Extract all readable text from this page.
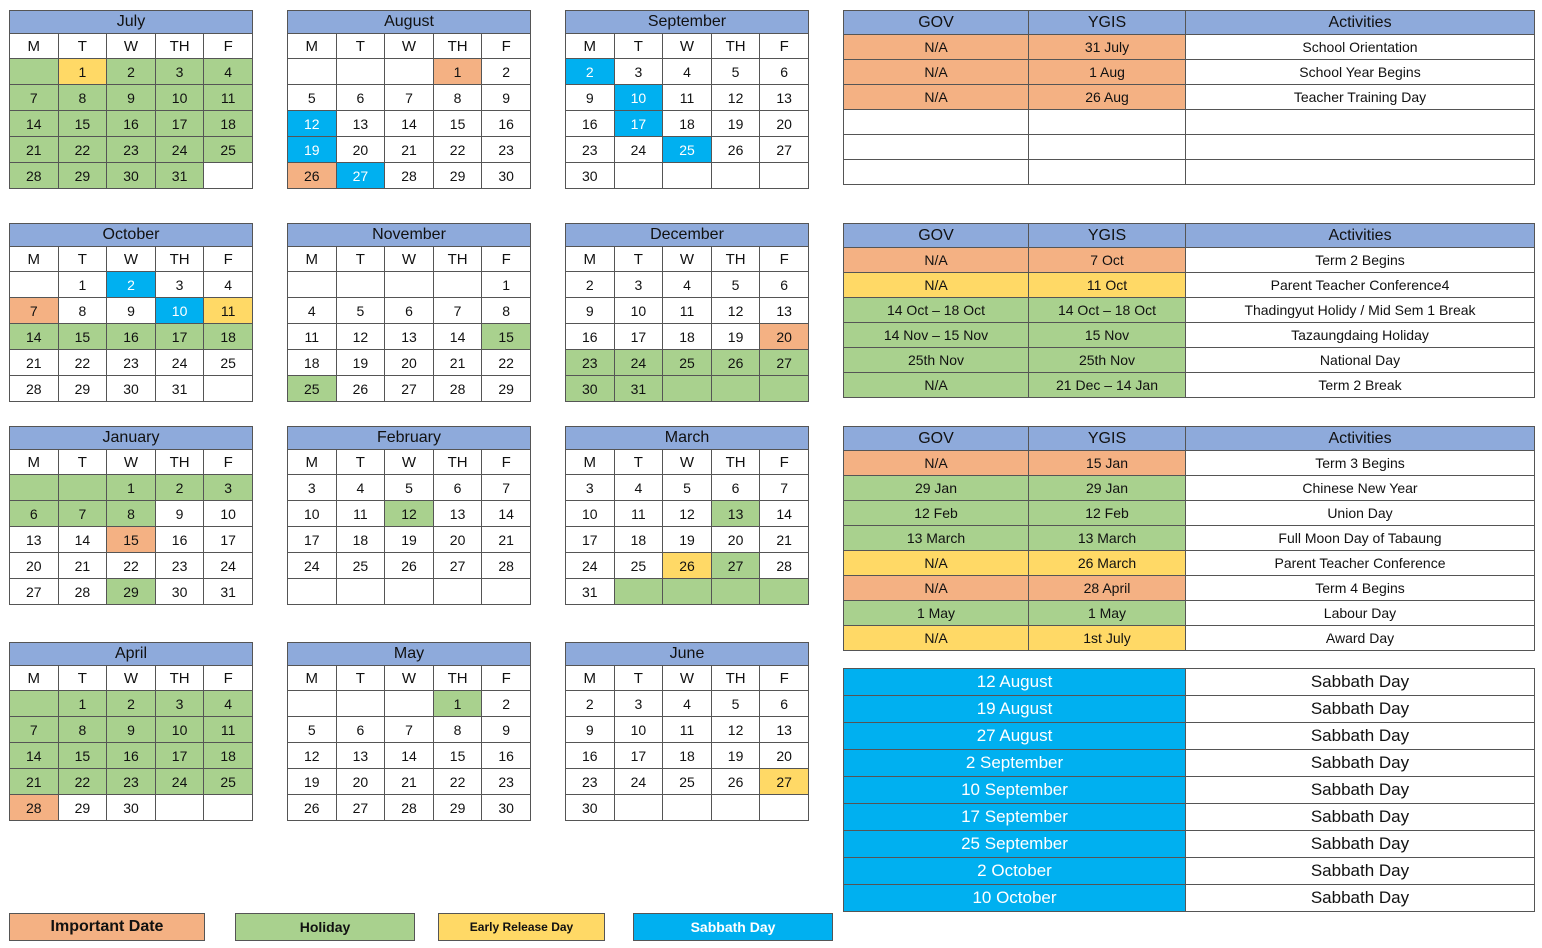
July				
M	T	W	TH	F
	1	2	3	4
7	8	9	10	11
14	15	16	17	18
21	22	23	24	25
28	29	30	31	
August				
M	T	W	TH	F
			1	2
5	6	7	8	9
12	13	14	15	16
19	20	21	22	23
26	27	28	29	30
September				
M	T	W	TH	F
2	3	4	5	6
9	10	11	12	13
16	17	18	19	20
23	24	25	26	27
30				
October				
M	T	W	TH	F
	1	2	3	4
7	8	9	10	11
14	15	16	17	18
21	22	23	24	25
28	29	30	31	
November				
M	T	W	TH	F
				1
4	5	6	7	8
11	12	13	14	15
18	19	20	21	22
25	26	27	28	29
December				
M	T	W	TH	F
2	3	4	5	6
9	10	11	12	13
16	17	18	19	20
23	24	25	26	27
30	31			
January				
M	T	W	TH	F
		1	2	3
6	7	8	9	10
13	14	15	16	17
20	21	22	23	24
27	28	29	30	31
February				
M	T	W	TH	F
3	4	5	6	7
10	11	12	13	14
17	18	19	20	21
24	25	26	27	28

March				
M	T	W	TH	F
3	4	5	6	7
10	11	12	13	14
17	18	19	20	21
24	25	26	27	28
31				
April				
M	T	W	TH	F
	1	2	3	4
7	8	9	10	11
14	15	16	17	18
21	22	23	24	25
28	29	30		
May				
M	T	W	TH	F
			1	2
5	6	7	8	9
12	13	14	15	16
19	20	21	22	23
26	27	28	29	30
June				
M	T	W	TH	F
2	3	4	5	6
9	10	11	12	13
16	17	18	19	20
23	24	25	26	27
30				
GOV	YGIS	Activities
N/A	31 July	School Orientation
N/A	1 Aug	School Year Begins
N/A	26 Aug	Teacher Training Day

GOV	YGIS	Activities
N/A	7 Oct	Term 2 Begins
N/A	11 Oct	Parent Teacher Conference4
14 Oct – 18 Oct	14 Oct – 18 Oct	Thadingyut Holidy / Mid Sem 1 Break
14 Nov – 15 Nov	15 Nov	Tazaungdaing Holiday
25th Nov	25th Nov	National Day
N/A	21 Dec – 14 Jan	Term 2 Break
GOV	YGIS	Activities
N/A	15 Jan	Term 3 Begins
29 Jan	29 Jan	Chinese New Year
12 Feb	12 Feb	Union Day
13 March	13 March	Full Moon Day of Tabaung
N/A	26 March	Parent Teacher Conference
N/A	28 April	Term 4 Begins
1 May	1 May	Labour Day
N/A	1st July	Award Day
12 August	Sabbath Day
19 August	Sabbath Day
27 August	Sabbath Day
2 September	Sabbath Day
10 September	Sabbath Day
17 September	Sabbath Day
25 September	Sabbath Day
2 October	Sabbath Day
10 October	Sabbath Day
Important Date	Holiday	Early Release Day	Sabbath Day
